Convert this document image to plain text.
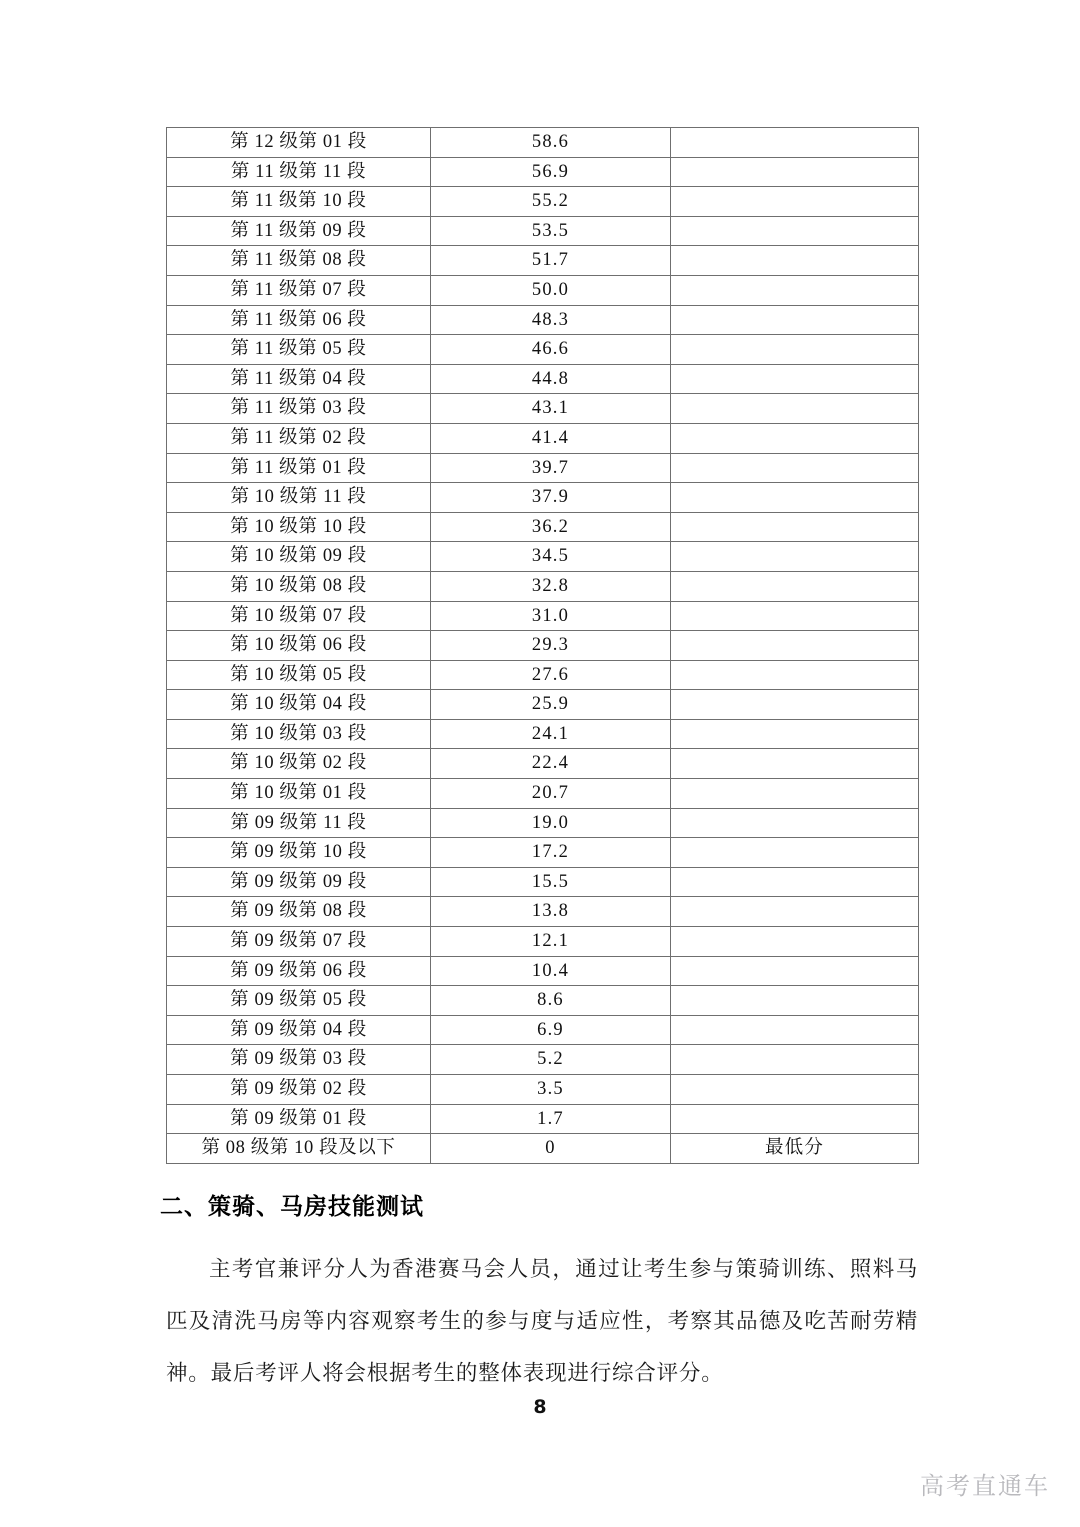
第 12 级第 01 段	58.6	
第 11 级第 11 段	56.9	
第 11 级第 10 段	55.2	
第 11 级第 09 段	53.5	
第 11 级第 08 段	51.7	
第 11 级第 07 段	50.0	
第 11 级第 06 段	48.3	
第 11 级第 05 段	46.6	
第 11 级第 04 段	44.8	
第 11 级第 03 段	43.1	
第 11 级第 02 段	41.4	
第 11 级第 01 段	39.7	
第 10 级第 11 段	37.9	
第 10 级第 10 段	36.2	
第 10 级第 09 段	34.5	
第 10 级第 08 段	32.8	
第 10 级第 07 段	31.0	
第 10 级第 06 段	29.3	
第 10 级第 05 段	27.6	
第 10 级第 04 段	25.9	
第 10 级第 03 段	24.1	
第 10 级第 02 段	22.4	
第 10 级第 01 段	20.7	
第 09 级第 11 段	19.0	
第 09 级第 10 段	17.2	
第 09 级第 09 段	15.5	
第 09 级第 08 段	13.8	
第 09 级第 07 段	12.1	
第 09 级第 06 段	10.4	
第 09 级第 05 段	8.6	
第 09 级第 04 段	6.9	
第 09 级第 03 段	5.2	
第 09 级第 02 段	3.5	
第 09 级第 01 段	1.7	
第 08 级第 10 段及以下	0	最低分
二、策骑、马房技能测试
主考官兼评分人为香港赛马会人员，通过让考生参与策骑训练、照料马匹及清洗马房等内容观察考生的参与度与适应性，考察其品德及吃苦耐劳精神。最后考评人将会根据考生的整体表现进行综合评分。
8
高考直通车
